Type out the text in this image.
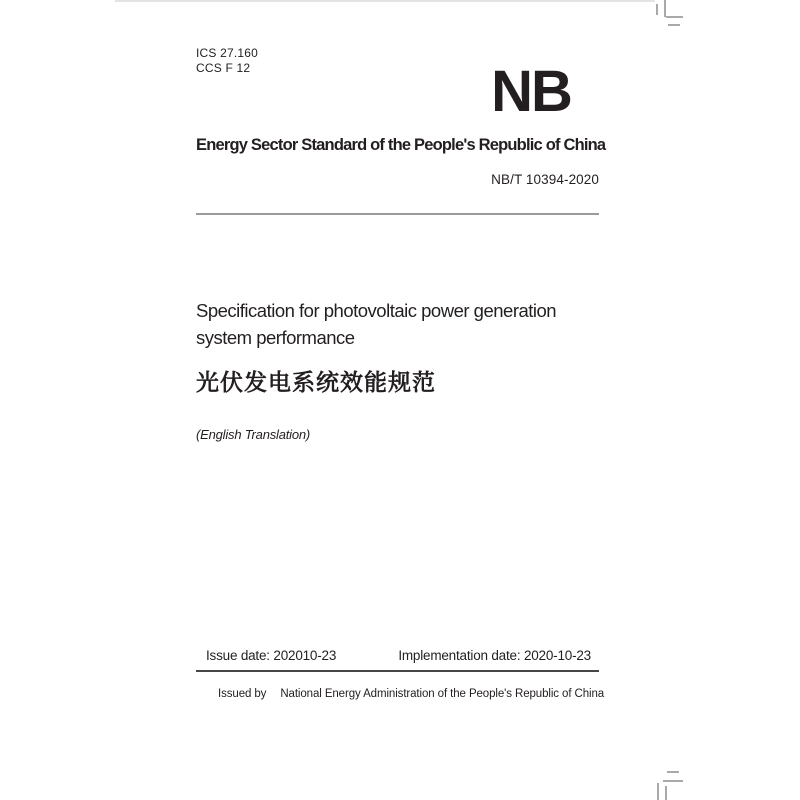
ICS 27.160
CCS F 12	NB
Energy Sector Standard of the People's Republic of China
NB/T 10394-2020
Specification for photovoltaic power generation system performance
光伏发电系统效能规范
(English Translation)
Issue date: 202010-23	Implementation date: 2020-10-23
Issued by National Energy Administration of the People's Republic of China
